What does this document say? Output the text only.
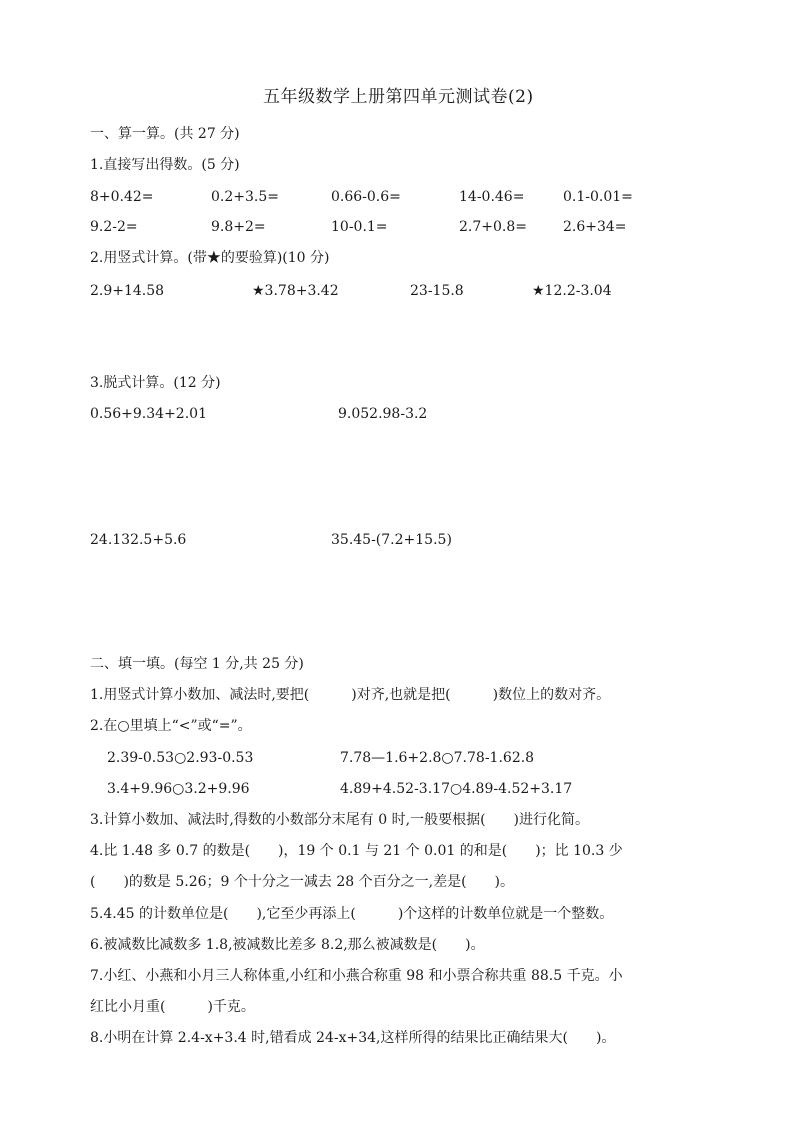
五年级数学上册第四单元测试卷(2)
一、算一算。(共 27 分)
1.直接写出得数。(5 分)
8+0.42=	0.2+3.5=	0.66-0.6=	14-0.46=	0.1-0.01=
9.2-2=	9.8+2=	10-0.1=	2.7+0.8=	2.6+34=
2.用竖式计算。(带★的要验算)(10 分)
2.9+14.58	★3.78+3.42	23-15.8	★12.2-3.04
3.脱式计算。(12 分)
0.56+9.34+2.01	9.052.98-3.2
24.132.5+5.6	35.45-(7.2+15.5)
二、填一填。(每空 1 分,共 25 分)
1.用竖式计算小数加、减法时,要把(　　　)对齐,也就是把(　　　)数位上的数对齐。
2.在○里填上“<”或“=”。
2.39-0.53○2.93-0.53	7.78—1.6+2.8○7.78-1.62.8
3.4+9.96○3.2+9.96	4.89+4.52-3.17○4.89-4.52+3.17
3.计算小数加、减法时,得数的小数部分末尾有 0 时,一般要根据(　　)进行化简。
4.比 1.48 多 0.7 的数是(　　)，19 个 0.1 与 21 个 0.01 的和是(　　)；比 10.3 少
(　　)的数是 5.26；9 个十分之一减去 28 个百分之一,差是(　　)。
5.4.45 的计数单位是(　　),它至少再添上(　　　)个这样的计数单位就是一个整数。
6.被减数比减数多 1.8,被减数比差多 8.2,那么被减数是(　　)。
7.小红、小燕和小月三人称体重,小红和小燕合称重 98 和小票合称共重 88.5 千克。小
红比小月重(　　　)千克。
8.小明在计算 2.4-x+3.4 时,错看成 24-x+34,这样所得的结果比正确结果大(　　)。
